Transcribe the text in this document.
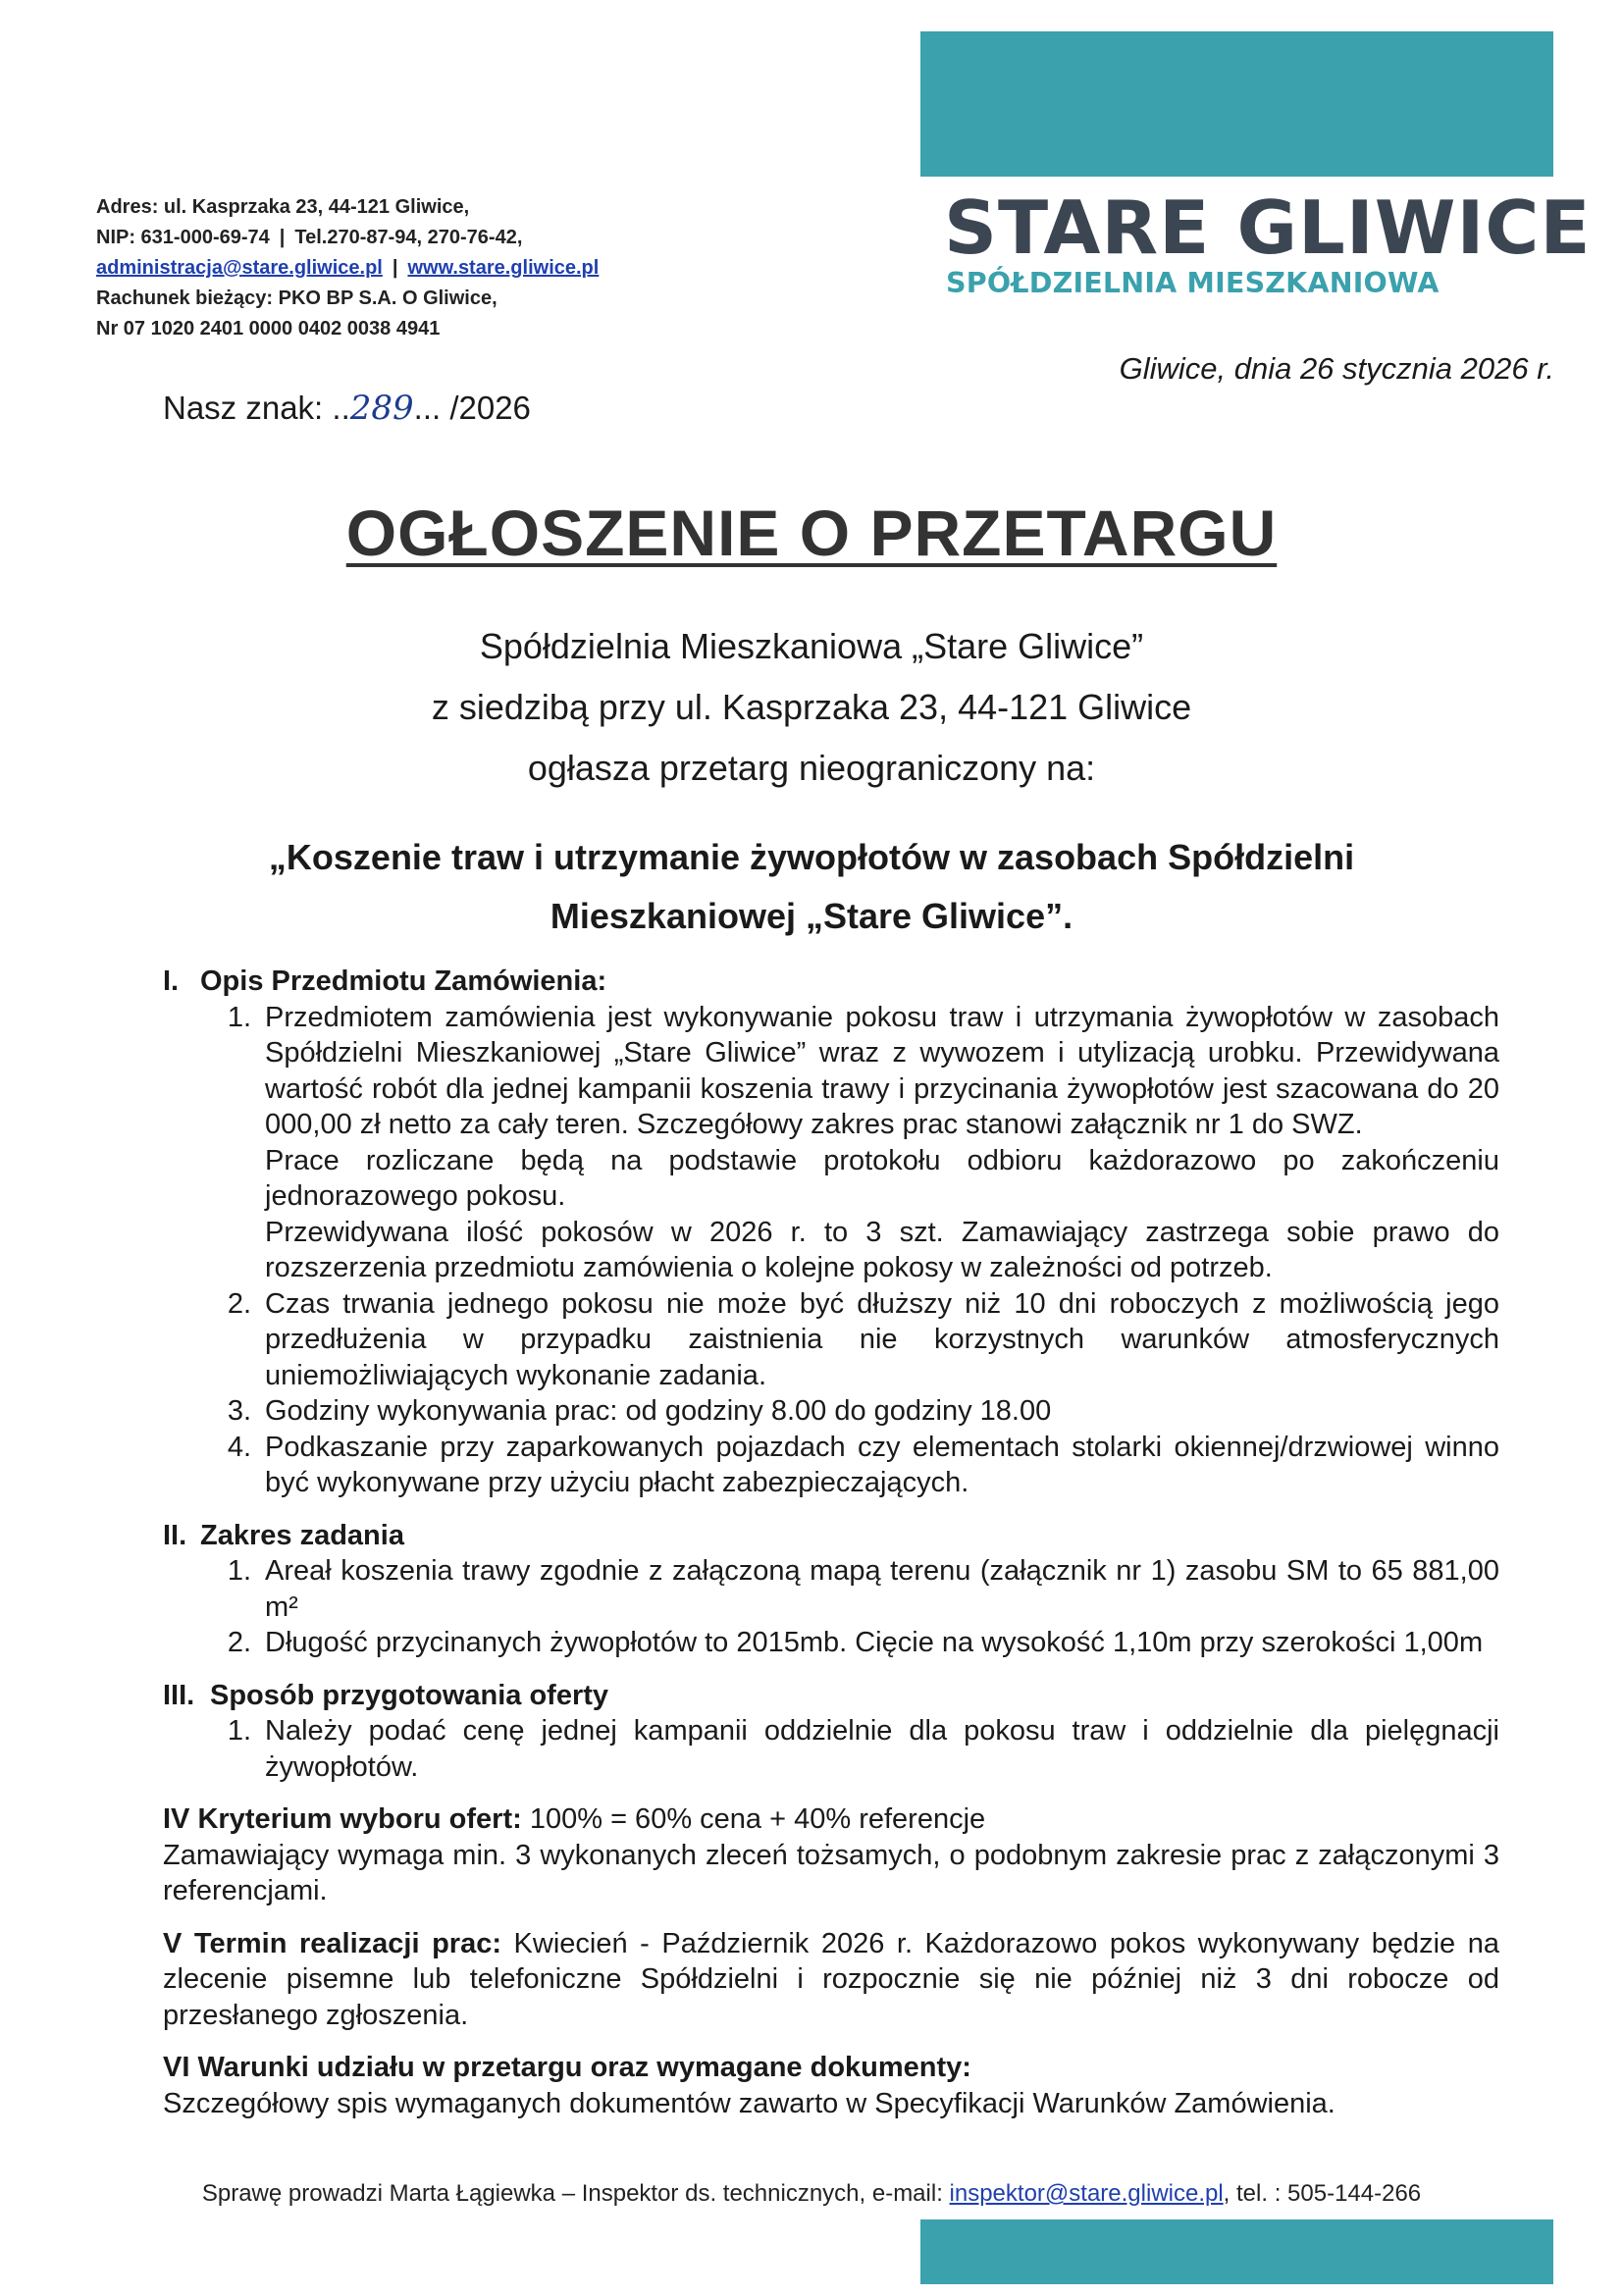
Adres: ul. Kasprzaka 23, 44-121 Gliwice,
NIP: 631-000-69-74 | Tel.270-87-94, 270-76-42,
administracja@stare.gliwice.pl | www.stare.gliwice.pl
Rachunek bieżący: PKO BP S.A. O Gliwice,
Nr 07 1020 2401 0000 0402 0038 4941
STARE GLIWICE
SPÓŁDZIELNIA MIESZKANIOWA
Gliwice, dnia 26 stycznia 2026 r.
Nasz znak: ..289... /2026
OGŁOSZENIE O PRZETARGU
Spółdzielnia Mieszkaniowa „Stare Gliwice”
z siedzibą przy ul. Kasprzaka 23, 44-121 Gliwice
ogłasza przetarg nieograniczony na:
„Koszenie traw i utrzymanie żywopłotów w zasobach Spółdzielni
Mieszkaniowej „Stare Gliwice”.
I. Opis Przedmiotu Zamówienia:
1. Przedmiotem zamówienia jest wykonywanie pokosu traw i utrzymania żywopłotów w zasobach Spółdzielni Mieszkaniowej „Stare Gliwice” wraz z wywozem i utylizacją urobku. Przewidywana wartość robót dla jednej kampanii koszenia trawy i przycinania żywopłotów jest szacowana do 20 000,00 zł netto za cały teren. Szczegółowy zakres prac stanowi załącznik nr 1 do SWZ.
Prace rozliczane będą na podstawie protokołu odbioru każdorazowo po zakończeniu jednorazowego pokosu.
Przewidywana ilość pokosów w 2026 r. to 3 szt. Zamawiający zastrzega sobie prawo do rozszerzenia przedmiotu zamówienia o kolejne pokosy w zależności od potrzeb.
2. Czas trwania jednego pokosu nie może być dłuższy niż 10 dni roboczych z możliwością jego przedłużenia w przypadku zaistnienia nie korzystnych warunków atmosferycznych uniemożliwiających wykonanie zadania.
3. Godziny wykonywania prac: od godziny 8.00 do godziny 18.00
4. Podkaszanie przy zaparkowanych pojazdach czy elementach stolarki okiennej/drzwiowej winno być wykonywane przy użyciu płacht zabezpieczających.
II. Zakres zadania
1. Areał koszenia trawy zgodnie z załączoną mapą terenu (załącznik nr 1) zasobu SM to 65 881,00 m²
2. Długość przycinanych żywopłotów to 2015mb. Cięcie na wysokość 1,10m przy szerokości 1,00m
III. Sposób przygotowania oferty
1. Należy podać cenę jednej kampanii oddzielnie dla pokosu traw i oddzielnie dla pielęgnacji żywopłotów.
IV Kryterium wyboru ofert: 100% = 60% cena + 40% referencje
Zamawiający wymaga min. 3 wykonanych zleceń tożsamych, o podobnym zakresie prac z załączonymi 3 referencjami.
V Termin realizacji prac: Kwiecień - Październik 2026 r. Każdorazowo pokos wykonywany będzie na zlecenie pisemne lub telefoniczne Spółdzielni i rozpocznie się nie później niż 3 dni robocze od przesłanego zgłoszenia.
VI Warunki udziału w przetargu oraz wymagane dokumenty:
Szczegółowy spis wymaganych dokumentów zawarto w Specyfikacji Warunków Zamówienia.
Sprawę prowadzi Marta Łągiewka – Inspektor ds. technicznych, e-mail: inspektor@stare.gliwice.pl, tel. : 505-144-266
